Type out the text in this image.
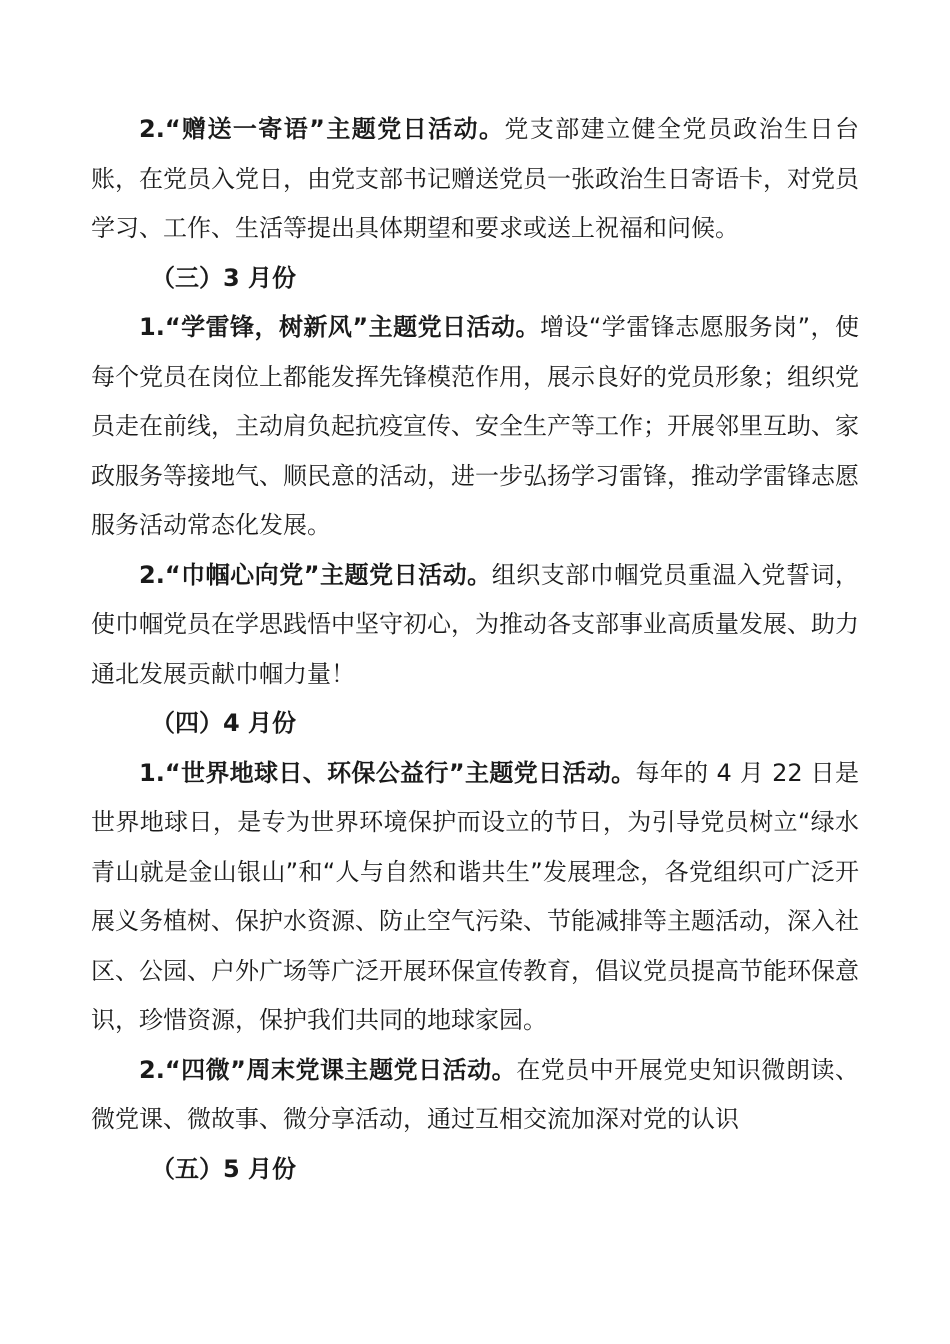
2.“赠送一寄语”主题党日活动。党支部建立健全党员政治生日台账，在党员入党日，由党支部书记赠送党员一张政治生日寄语卡，对党员学习、工作、生活等提出具体期望和要求或送上祝福和问候。

（三）3 月份

1.“学雷锋，树新风”主题党日活动。增设“学雷锋志愿服务岗”，使每个党员在岗位上都能发挥先锋模范作用，展示良好的党员形象；组织党员走在前线，主动肩负起抗疫宣传、安全生产等工作；开展邻里互助、家政服务等接地气、顺民意的活动，进一步弘扬学习雷锋，推动学雷锋志愿服务活动常态化发展。

2.“巾帼心向党”主题党日活动。组织支部巾帼党员重温入党誓词，使巾帼党员在学思践悟中坚守初心，为推动各支部事业高质量发展、助力通北发展贡献巾帼力量！

（四）4 月份

1.“世界地球日、环保公益行”主题党日活动。每年的 4 月 22 日是世界地球日，是专为世界环境保护而设立的节日，为引导党员树立“绿水青山就是金山银山”和“人与自然和谐共生”发展理念，各党组织可广泛开展义务植树、保护水资源、防止空气污染、节能减排等主题活动，深入社区、公园、户外广场等广泛开展环保宣传教育，倡议党员提高节能环保意识，珍惜资源，保护我们共同的地球家园。

2.“四微”周末党课主题党日活动。在党员中开展党史知识微朗读、微党课、微故事、微分享活动，通过互相交流加深对党的认识

（五）5 月份
